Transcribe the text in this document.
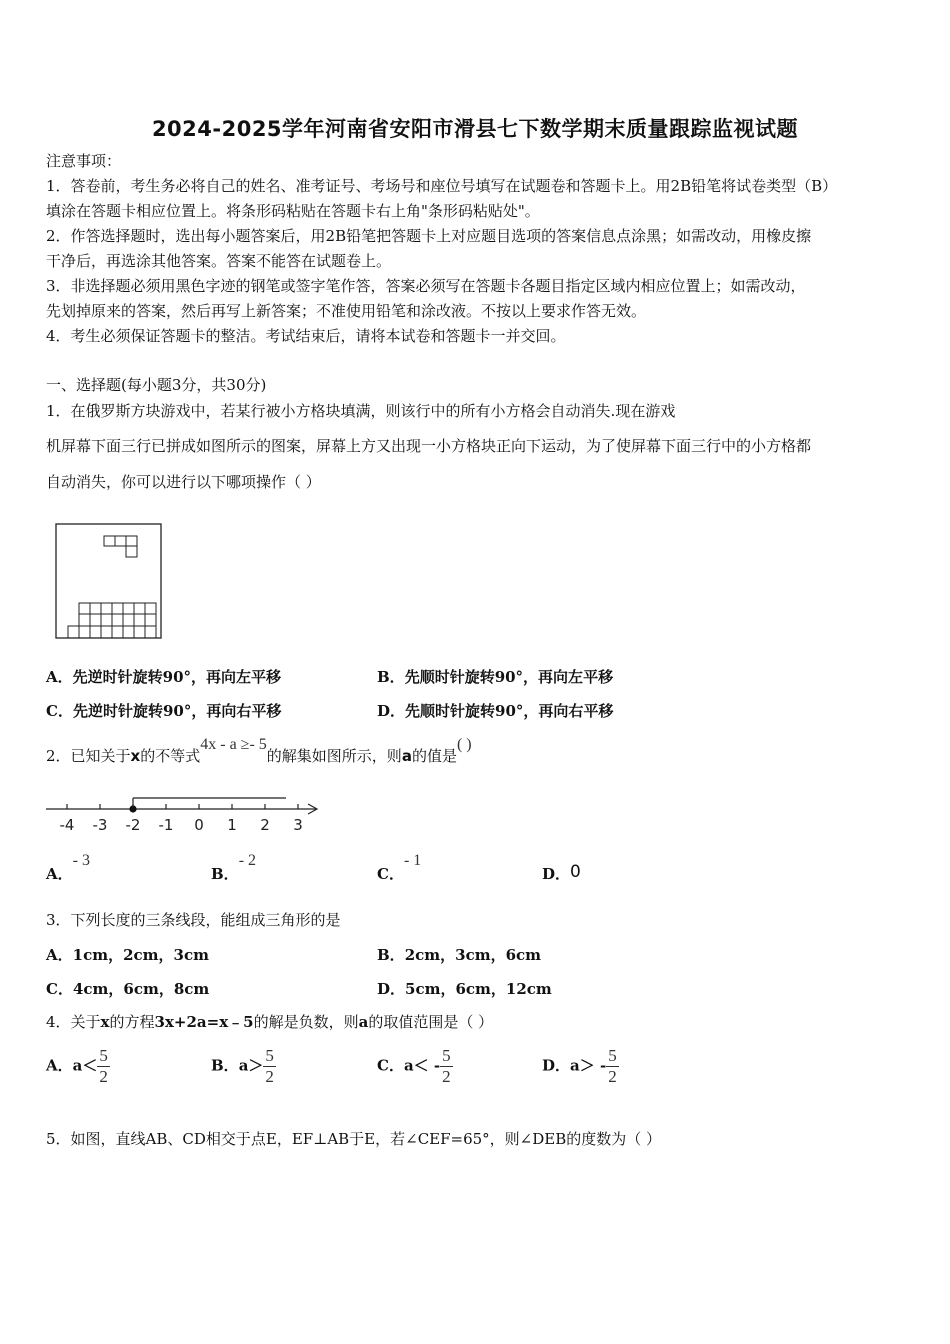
2024-2025学年河南省安阳市滑县七下数学期末质量跟踪监视试题
注意事项：
1．答卷前，考生务必将自己的姓名、准考证号、考场号和座位号填写在试题卷和答题卡上。用2B铅笔将试卷类型（B）
填涂在答题卡相应位置上。将条形码粘贴在答题卡右上角"条形码粘贴处"。
2．作答选择题时，选出每小题答案后，用2B铅笔把答题卡上对应题目选项的答案信息点涂黑；如需改动，用橡皮擦
干净后，再选涂其他答案。答案不能答在试题卷上。
3．非选择题必须用黑色字迹的钢笔或签字笔作答，答案必须写在答题卡各题目指定区域内相应位置上；如需改动，
先划掉原来的答案，然后再写上新答案；不准使用铅笔和涂改液。不按以上要求作答无效。
4．考生必须保证答题卡的整洁。考试结束后，请将本试卷和答题卡一并交回。
一、选择题(每小题3分，共30分)
1．在俄罗斯方块游戏中，若某行被小方格块填满，则该行中的所有小方格会自动消失.现在游戏
机屏幕下面三行已拼成如图所示的图案，屏幕上方又出现一小方格块正向下运动，为了使屏幕下面三行中的小方格都
自动消失，你可以进行以下哪项操作（ ）
A．先逆时针旋转90°，再向左平移	B．先顺时针旋转90°，再向左平移
C．先逆时针旋转90°，再向右平移	D．先顺时针旋转90°，再向右平移
2．已知关于x的不等式4x - a ≥- 5的解集如图所示，则a的值是( )
-4 -3 -2 -1 0 1 2 3
A．- 3
B．- 2
C．- 1
D．0
3．下列长度的三条线段，能组成三角形的是
A．1cm，2cm，3cm	B．2cm，3cm，6cm
C．4cm，6cm，8cm	D．5cm，6cm，12cm
4．关于x的方程3x+2a=x﹣5的解是负数，则a的取值范围是（ ）
A．$a< \frac{5}{2}$	B．$a> \frac{5}{2}$	C．$a< - \frac{5}{2}$	D．$a> - \frac{5}{2}$
5．如图，直线AB、CD相交于点E，EF⊥AB于E，若∠CEF=65°，则∠DEB的度数为（ ）
